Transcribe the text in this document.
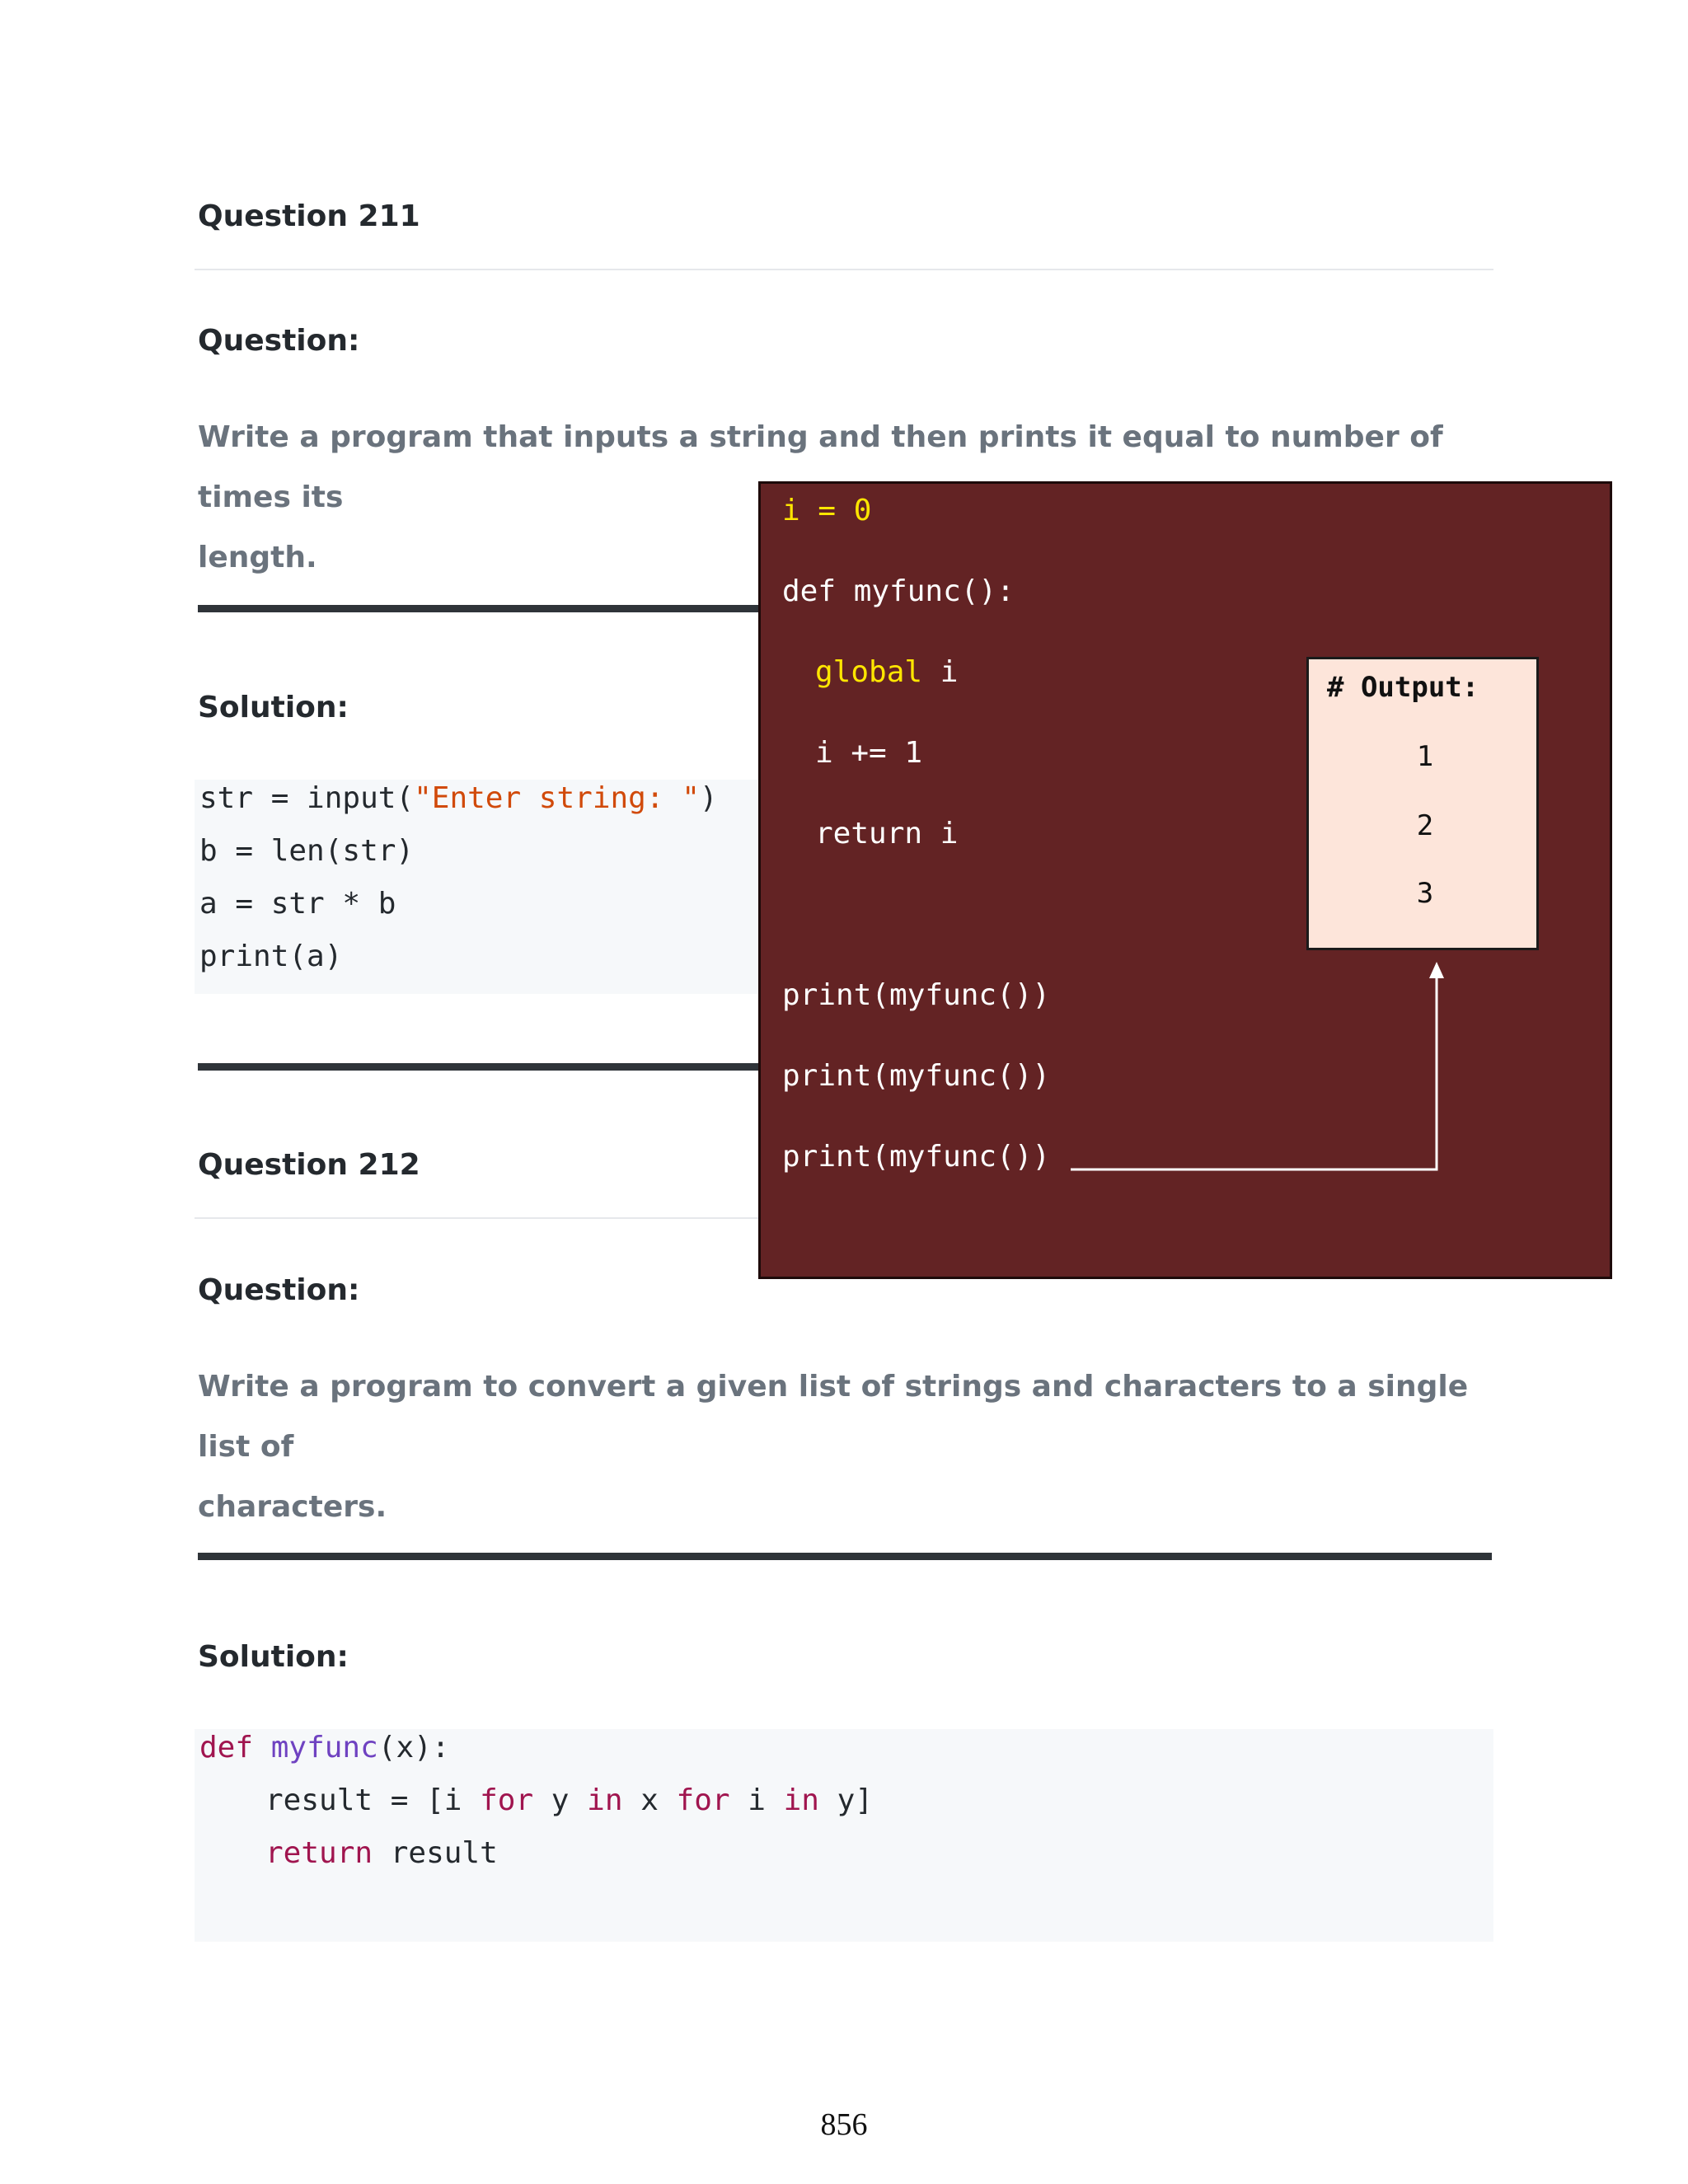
Question 211
Question:
Write a program that inputs a string and then prints it equal to number of times its
length.
Solution:
str = input("Enter string: ")
b = len(str)
a = str * b
print(a)
Question 212
Question:
Write a program to convert a given list of strings and characters to a single list of
characters.
Solution:
def myfunc(x):
result = [i for y in x for i in y]
return result
i = 0
def myfunc():
global i
i += 1
return i
print(myfunc())
print(myfunc())
print(myfunc())
# Output:
1
2
3
856
